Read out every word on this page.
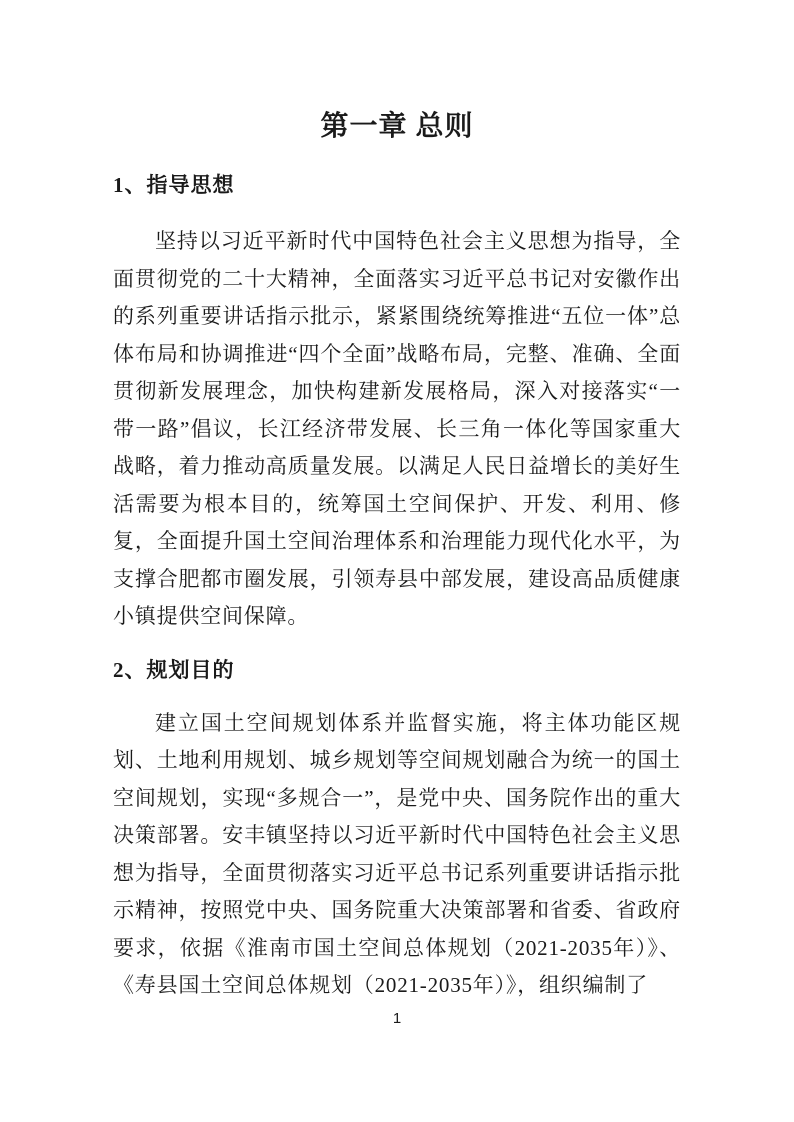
第一章 总则
1、指导思想

坚持以习近平新时代中国特色社会主义思想为指导，全面贯彻党的二十大精神，全面落实习近平总书记对安徽作出的系列重要讲话指示批示，紧紧围绕统筹推进“五位一体”总体布局和协调推进“四个全面”战略布局，完整、准确、全面贯彻新发展理念，加快构建新发展格局，深入对接落实“一带一路”倡议，长江经济带发展、长三角一体化等国家重大战略，着力推动高质量发展。以满足人民日益增长的美好生活需要为根本目的，统筹国土空间保护、开发、利用、修复，全面提升国土空间治理体系和治理能力现代化水平，为支撑合肥都市圈发展，引领寿县中部发展，建设高品质健康小镇提供空间保障。

2、规划目的

建立国土空间规划体系并监督实施，将主体功能区规划、土地利用规划、城乡规划等空间规划融合为统一的国土空间规划，实现“多规合一”，是党中央、国务院作出的重大决策部署。安丰镇坚持以习近平新时代中国特色社会主义思想为指导，全面贯彻落实习近平总书记系列重要讲话指示批示精神，按照党中央、国务院重大决策部署和省委、省政府要求，依据《淮南市国土空间总体规划（2021-2035年）》、《寿县国土空间总体规划（2021-2035年）》，组织编制了

1
